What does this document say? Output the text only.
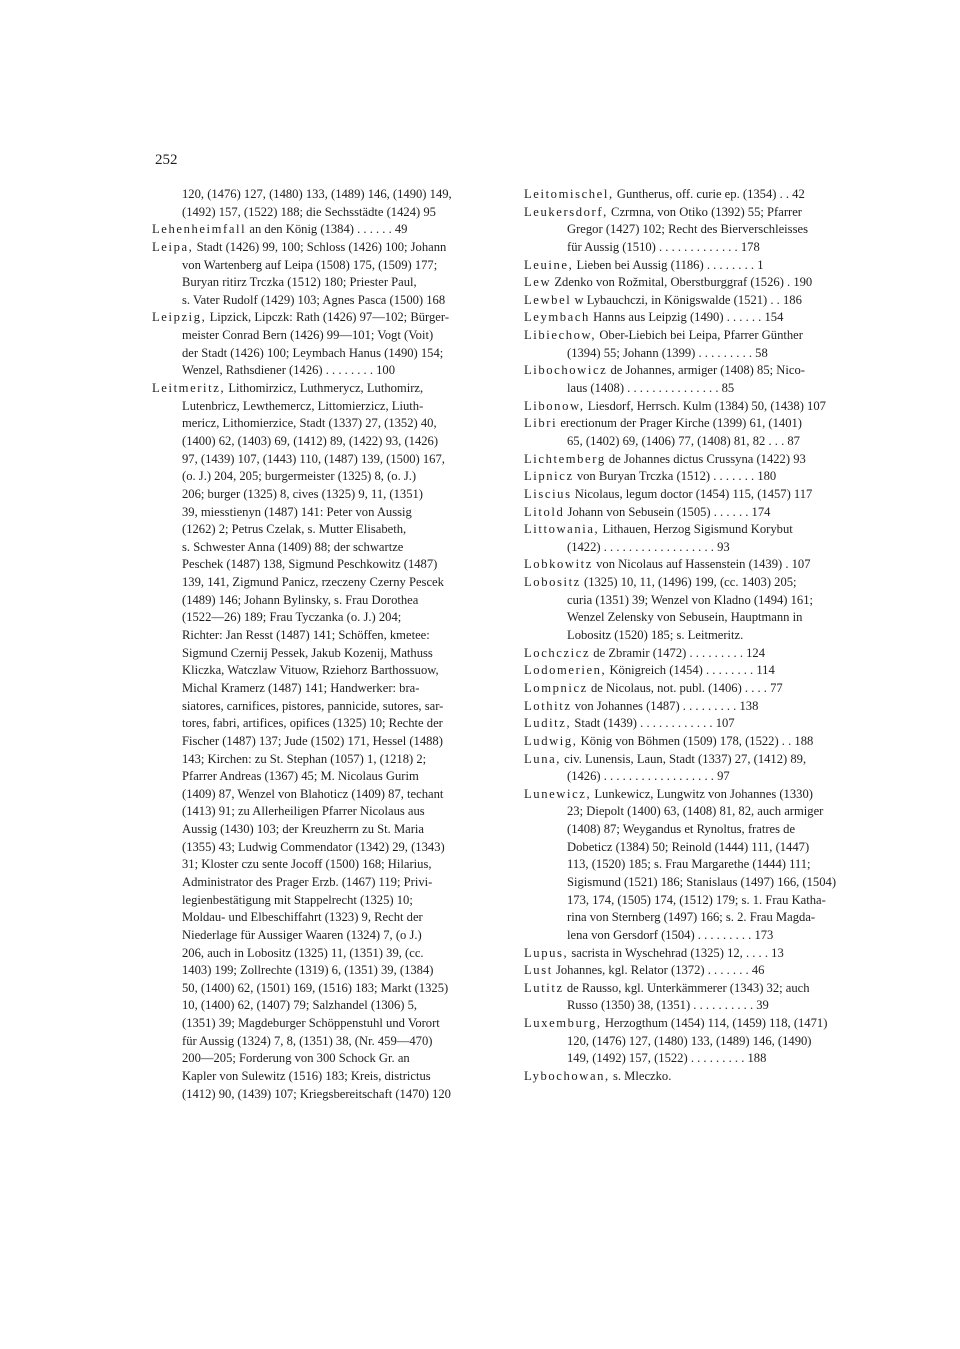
252
120, (1476) 127, (1480) 133, (1489) 146, (1490) 149,
(1492) 157, (1522) 188; die Sechsstädte (1424) 95
Lehenheimfall an den König (1384) . . . . . . 49
Leipa, Stadt (1426) 99, 100; Schloss (1426) 100; Johann
von Wartenberg auf Leipa (1508) 175, (1509) 177;
Buryan ritirz Trczka (1512) 180; Priester Paul,
s. Vater Rudolf (1429) 103; Agnes Pasca (1500) 168
Leipzig, Lipzick, Lipczk: Rath (1426) 97—102; Bürger-
meister Conrad Bern (1426) 99—101; Vogt (Voit)
der Stadt (1426) 100; Leymbach Hanus (1490) 154;
Wenzel, Rathsdiener (1426) . . . . . . . . 100
Leitmeritz, Lithomirzicz, Luthmerycz, Luthomirz,
Lutenbricz, Lewthemercz, Littomierzicz, Liuth-
mericz, Lithomierzice, Stadt (1337) 27, (1352) 40,
(1400) 62, (1403) 69, (1412) 89, (1422) 93, (1426)
97, (1439) 107, (1443) 110, (1487) 139, (1500) 167,
(o. J.) 204, 205; burgermeister (1325) 8, (o. J.)
206; burger (1325) 8, cives (1325) 9, 11, (1351)
39, miesstienyn (1487) 141: Peter von Aussig
(1262) 2; Petrus Czelak, s. Mutter Elisabeth,
s. Schwester Anna (1409) 88; der schwartze
Peschek (1487) 138, Sigmund Peschkowitz (1487)
139, 141, Zigmund Panicz, rzeczeny Czerny Pescek
(1489) 146; Johann Bylinsky, s. Frau Dorothea
(1522—26) 189; Frau Tyczanka (o. J.) 204;
Richter: Jan Resst (1487) 141; Schöffen, kmetee:
Sigmund Czernij Pessek, Jakub Kozenij, Mathuss
Kliczka, Watczlaw Vituow, Rziehorz Barthossuow,
Michal Kramerz (1487) 141; Handwerker: bra-
siatores, carnifices, pistores, pannicide, sutores, sar-
tores, fabri, artifices, opifices (1325) 10; Rechte der
Fischer (1487) 137; Jude (1502) 171, Hessel (1488)
143; Kirchen: zu St. Stephan (1057) 1, (1218) 2;
Pfarrer Andreas (1367) 45; M. Nicolaus Gurim
(1409) 87, Wenzel von Blahoticz (1409) 87, techant
(1413) 91; zu Allerheiligen Pfarrer Nicolaus aus
Aussig (1430) 103; der Kreuzherrn zu St. Maria
(1355) 43; Ludwig Commendator (1342) 29, (1343)
31; Kloster czu sente Jocoff (1500) 168; Hilarius,
Administrator des Prager Erzb. (1467) 119; Privi-
legienbestätigung mit Stappelrecht (1325) 10;
Moldau- und Elbeschiffahrt (1323) 9, Recht der
Niederlage für Aussiger Waaren (1324) 7, (o J.)
206, auch in Lobositz (1325) 11, (1351) 39, (cc.
1403) 199; Zollrechte (1319) 6, (1351) 39, (1384)
50, (1400) 62, (1501) 169, (1516) 183; Markt (1325)
10, (1400) 62, (1407) 79; Salzhandel (1306) 5,
(1351) 39; Magdeburger Schöppenstuhl und Vorort
für Aussig (1324) 7, 8, (1351) 38, (Nr. 459—470)
200—205; Forderung von 300 Schock Gr. an
Kapler von Sulewitz (1516) 183; Kreis, districtus
(1412) 90, (1439) 107; Kriegsbereitschaft (1470) 120
Leitomischel, Guntherus, off. curie ep. (1354) . . 42
Leukersdorf, Czrmna, von Otiko (1392) 55; Pfarrer
Gregor (1427) 102; Recht des Bierverschleisses
für Aussig (1510) . . . . . . . . . . . . . 178
Leuine, Lieben bei Aussig (1186) . . . . . . . . 1
Lew Zdenko von Rožmital, Oberstburggraf (1526) . 190
Lewbel w Lybauchczi, in Königswalde (1521) . . 186
Leymbach Hanns aus Leipzig (1490) . . . . . . 154
Libiechow, Ober-Liebich bei Leipa, Pfarrer Günther
(1394) 55; Johann (1399) . . . . . . . . . 58
Libochowicz de Johannes, armiger (1408) 85; Nico-
laus (1408) . . . . . . . . . . . . . . . 85
Libonow, Liesdorf, Herrsch. Kulm (1384) 50, (1438) 107
Libri erectionum der Prager Kirche (1399) 61, (1401)
65, (1402) 69, (1406) 77, (1408) 81, 82 . . . 87
Lichtemberg de Johannes dictus Crussyna (1422) 93
Lipnicz von Buryan Trczka (1512) . . . . . . . 180
Liscius Nicolaus, legum doctor (1454) 115, (1457) 117
Litold Johann von Sebusein (1505) . . . . . . 174
Littowania, Lithauen, Herzog Sigismund Korybut
(1422) . . . . . . . . . . . . . . . . . . 93
Lobkowitz von Nicolaus auf Hassenstein (1439) . 107
Lobositz (1325) 10, 11, (1496) 199, (cc. 1403) 205;
curia (1351) 39; Wenzel von Kladno (1494) 161;
Wenzel Zelensky von Sebusein, Hauptmann in
Lobositz (1520) 185; s. Leitmeritz.
Lochczicz de Zbramir (1472) . . . . . . . . . 124
Lodomerien, Königreich (1454) . . . . . . . . 114
Lompnicz de Nicolaus, not. publ. (1406) . . . . 77
Lothitz von Johannes (1487) . . . . . . . . . 138
Luditz, Stadt (1439) . . . . . . . . . . . . 107
Ludwig, König von Böhmen (1509) 178, (1522) . . 188
Luna, civ. Lunensis, Laun, Stadt (1337) 27, (1412) 89,
(1426) . . . . . . . . . . . . . . . . . . 97
Lunewicz, Lunkewicz, Lungwitz von Johannes (1330)
23; Diepolt (1400) 63, (1408) 81, 82, auch armiger
(1408) 87; Weygandus et Rynoltus, fratres de
Dobeticz (1384) 50; Reinold (1444) 111, (1447)
113, (1520) 185; s. Frau Margarethe (1444) 111;
Sigismund (1521) 186; Stanislaus (1497) 166, (1504)
173, 174, (1505) 174, (1512) 179; s. 1. Frau Katha-
rina von Sternberg (1497) 166; s. 2. Frau Magda-
lena von Gersdorf (1504) . . . . . . . . . 173
Lupus, sacrista in Wyschehrad (1325) 12, . . . . 13
Lust Johannes, kgl. Relator (1372) . . . . . . . 46
Lutitz de Rausso, kgl. Unterkämmerer (1343) 32; auch
Russo (1350) 38, (1351) . . . . . . . . . . 39
Luxemburg, Herzogthum (1454) 114, (1459) 118, (1471)
120, (1476) 127, (1480) 133, (1489) 146, (1490)
149, (1492) 157, (1522) . . . . . . . . . 188
Lybochowan, s. Mleczko.
